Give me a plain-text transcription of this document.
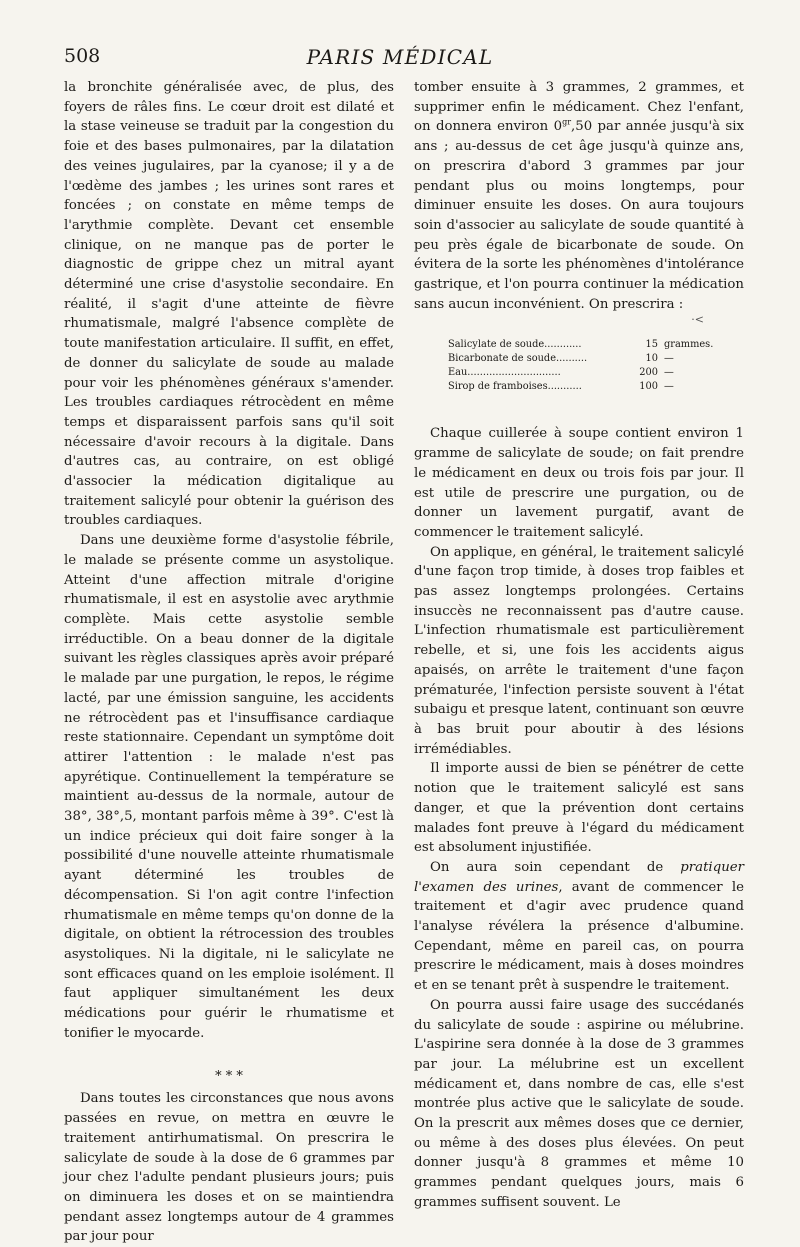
508	PARIS MÉDICAL

la bronchite généralisée avec, de plus, des foyers de râles fins. Le cœur droit est dilaté et la stase veineuse se traduit par la congestion du foie et des bases pulmonaires, par la dilatation des veines jugulaires, par la cyanose; il y a de l'œdème des jambes ; les urines sont rares et foncées ; on constate en même temps de l'arythmie complète. Devant cet ensemble clinique, on ne manque pas de porter le diagnostic de grippe chez un mitral ayant déterminé une crise d'asystolie secondaire. En réalité, il s'agit d'une atteinte de fièvre rhumatismale, malgré l'absence complète de toute manifestation articulaire. Il suffit, en effet, de donner du salicylate de soude au malade pour voir les phénomènes généraux s'amender. Les troubles cardiaques rétrocèdent en même temps et disparaissent parfois sans qu'il soit nécessaire d'avoir recours à la digitale. Dans d'autres cas, au contraire, on est obligé d'associer la médication digitalique au traitement salicylé pour obtenir la guérison des troubles cardiaques.

Dans une deuxième forme d'asystolie fébrile, le malade se présente comme un asystolique. Atteint d'une affection mitrale d'origine rhumatismale, il est en asystolie avec arythmie complète. Mais cette asystolie semble irréductible. On a beau donner de la digitale suivant les règles classiques après avoir préparé le malade par une purgation, le repos, le régime lacté, par une émission sanguine, les accidents ne rétrocèdent pas et l'insuffisance cardiaque reste stationnaire. Cependant un symptôme doit attirer l'attention : le malade n'est pas apyrétique. Continuellement la température se maintient au-dessus de la normale, autour de 38°, 38°,5, montant parfois même à 39°. C'est là un indice précieux qui doit faire songer à la possibilité d'une nouvelle atteinte rhumatismale ayant déterminé les troubles de décompensation. Si l'on agit contre l'infection rhumatismale en même temps qu'on donne de la digitale, on obtient la rétrocession des troubles asystoliques. Ni la digitale, ni le salicylate ne sont efficaces quand on les emploie isolément. Il faut appliquer simultanément les deux médications pour guérir le rhumatisme et tonifier le myocarde.

* * *

Dans toutes les circonstances que nous avons passées en revue, on mettra en œuvre le traitement antirhumatismal. On prescrira le salicylate de soude à la dose de 6 grammes par jour chez l'adulte pendant plusieurs jours; puis on diminuera les doses et on se maintiendra pendant assez longtemps autour de 4 grammes par jour pour

tomber ensuite à 3 grammes, 2 grammes, et supprimer enfin le médicament. Chez l'enfant, on donnera environ $0^{gr},50$ par année jusqu'à six ans ; au-dessus de cet âge jusqu'à quinze ans, on prescrira d'abord 3 grammes par jour pendant plus ou moins longtemps, pour diminuer ensuite les doses. On aura toujours soin d'associer au salicylate de soude quantité à peu près égale de bicarbonate de soude. On évitera de la sorte les phénomènes d'intolérance gastrique, et l'on pourra continuer la médication sans aucun inconvénient. On prescrira :

·<
Salicylate de soude............	15 grammes.
Bicarbonate de soude..........	10 —
Eau..............................	200 —
Sirop de framboises...........	100 —

Chaque cuillerée à soupe contient environ 1 gramme de salicylate de soude; on fait prendre le médicament en deux ou trois fois par jour. Il est utile de prescrire une purgation, ou de donner un lavement purgatif, avant de commencer le traitement salicylé.

On applique, en général, le traitement salicylé d'une façon trop timide, à doses trop faibles et pas assez longtemps prolongées. Certains insuccès ne reconnaissent pas d'autre cause. L'infection rhumatismale est particulièrement rebelle, et si, une fois les accidents aigus apaisés, on arrête le traitement d'une façon prématurée, l'infection persiste souvent à l'état subaigu et presque latent, continuant son œuvre à bas bruit pour aboutir à des lésions irrémédiables.

Il importe aussi de bien se pénétrer de cette notion que le traitement salicylé est sans danger, et que la prévention dont certains malades font preuve à l'égard du médicament est absolument injustifiée.

On aura soin cependant de pratiquer l'examen des urines, avant de commencer le traitement et d'agir avec prudence quand l'analyse révélera la présence d'albumine. Cependant, même en pareil cas, on pourra prescrire le médicament, mais à doses moindres et en se tenant prêt à suspendre le traitement.

On pourra aussi faire usage des succédanés du salicylate de soude : aspirine ou mélubrine. L'aspirine sera donnée à la dose de 3 grammes par jour. La mélubrine est un excellent médicament et, dans nombre de cas, elle s'est montrée plus active que le salicylate de soude. On la prescrit aux mêmes doses que ce dernier, ou même à des doses plus élevées. On peut donner jusqu'à 8 grammes et même 10 grammes pendant quelques jours, mais 6 grammes suffisent souvent. Le
